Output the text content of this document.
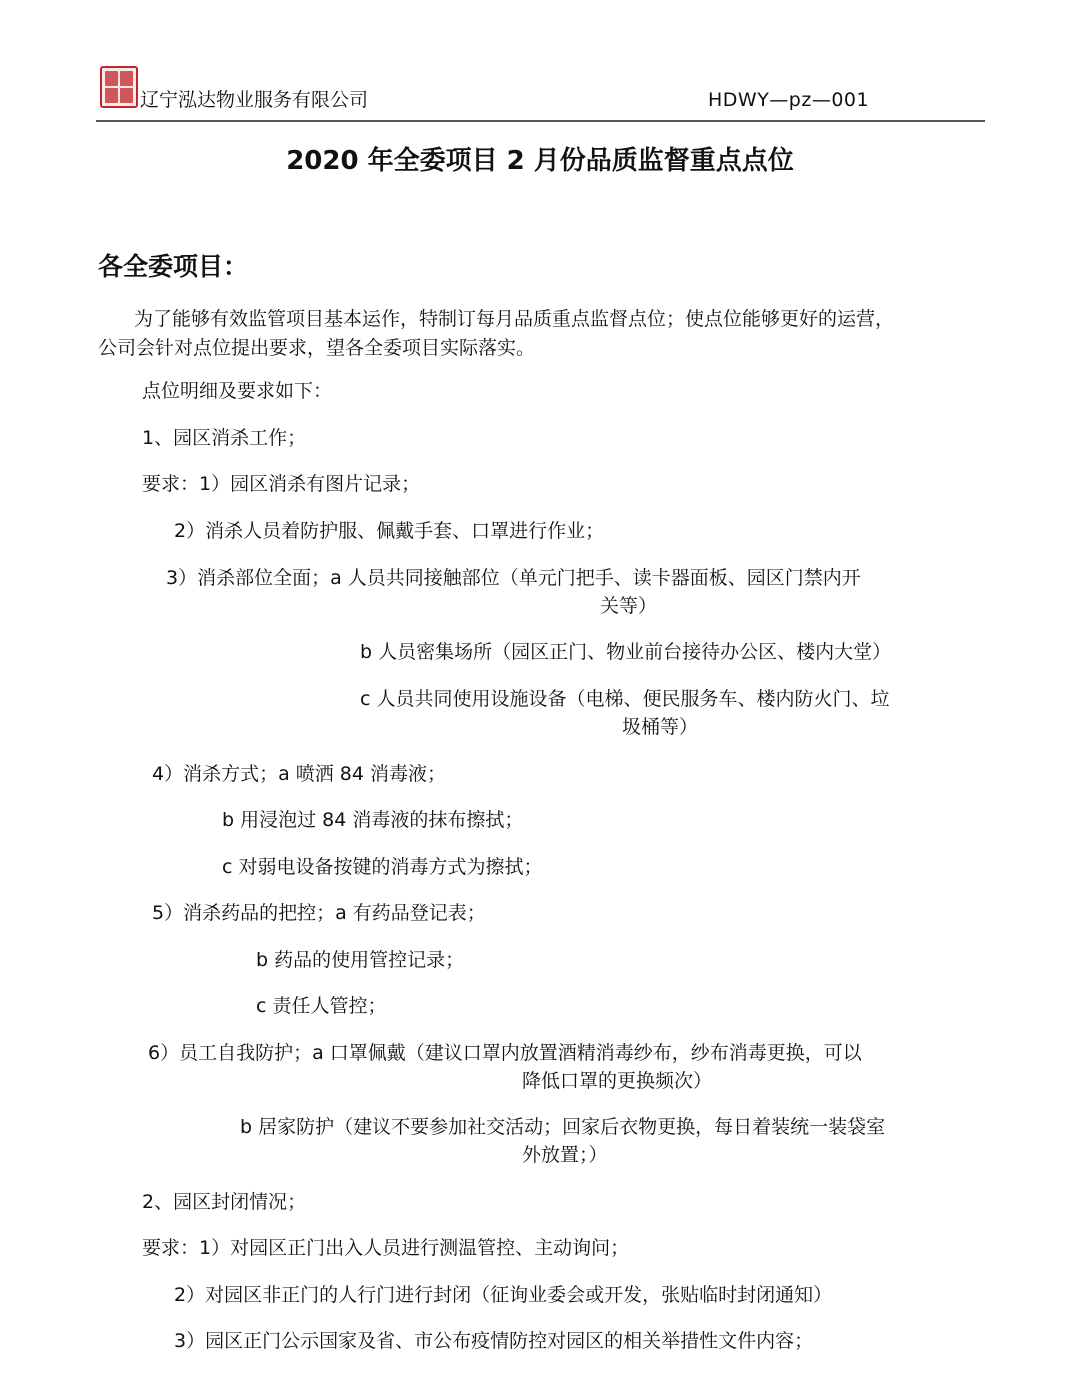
辽宁泓达物业服务有限公司	HDWY—pz—001
2020 年全委项目 2 月份品质监督重点点位
各全委项目：
为了能够有效监管项目基本运作，特制订每月品质重点监督点位；使点位能够更好的运营，
公司会针对点位提出要求，望各全委项目实际落实。
点位明细及要求如下：
1、园区消杀工作；
要求：1）园区消杀有图片记录；
2）消杀人员着防护服、佩戴手套、口罩进行作业；
3）消杀部位全面；a 人员共同接触部位（单元门把手、读卡器面板、园区门禁内开
关等）
b 人员密集场所（园区正门、物业前台接待办公区、楼内大堂）
c 人员共同使用设施设备（电梯、便民服务车、楼内防火门、垃
圾桶等）
4）消杀方式；a 喷洒 84 消毒液；
b 用浸泡过 84 消毒液的抹布擦拭；
c 对弱电设备按键的消毒方式为擦拭；
5）消杀药品的把控；a 有药品登记表；
b 药品的使用管控记录；
c 责任人管控；
6）员工自我防护；a 口罩佩戴（建议口罩内放置酒精消毒纱布，纱布消毒更换，可以
降低口罩的更换频次）
b 居家防护（建议不要参加社交活动；回家后衣物更换，每日着装统一装袋室
外放置；）
2、园区封闭情况；
要求：1）对园区正门出入人员进行测温管控、主动询问；
2）对园区非正门的人行门进行封闭（征询业委会或开发，张贴临时封闭通知）
3）园区正门公示国家及省、市公布疫情防控对园区的相关举措性文件内容；
